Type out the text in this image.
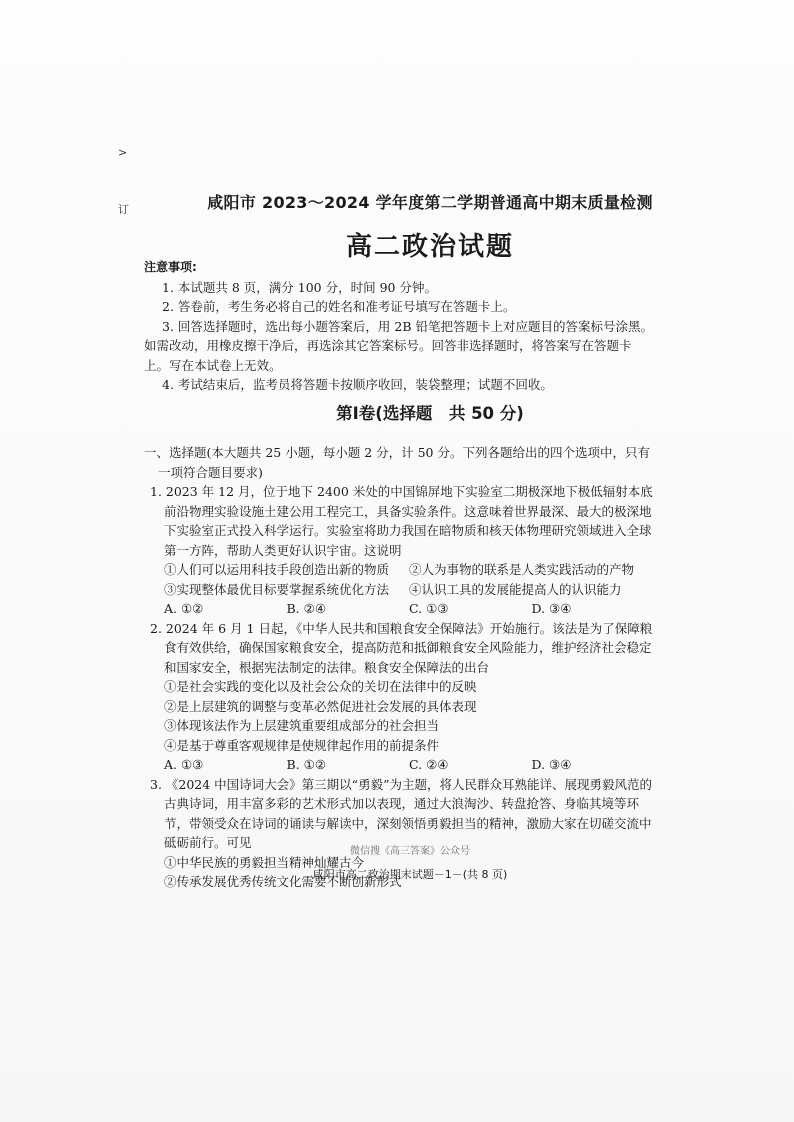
>
订	咸阳市 2023～2024 学年度第二学期普通高中期末质量检测
高二政治试题
注意事项:
1. 本试题共 8 页，满分 100 分，时间 90 分钟。
2. 答卷前，考生务必将自己的姓名和准考证号填写在答题卡上。
3. 回答选择题时，选出每小题答案后，用 2B 铅笔把答题卡上对应题目的答案标号涂黑。如需改动，用橡皮擦干净后，再选涂其它答案标号。回答非选择题时，将答案写在答题卡上。写在本试卷上无效。
4. 考试结束后，监考员将答题卡按顺序收回，装袋整理；试题不回收。
第Ⅰ卷(选择题　共 50 分)
一、选择题(本大题共 25 小题，每小题 2 分，计 50 分。下列各题给出的四个选项中，只有一项符合题目要求)
1. 2023 年 12 月，位于地下 2400 米处的中国锦屏地下实验室二期极深地下极低辐射本底前沿物理实验设施土建公用工程完工，具备实验条件。这意味着世界最深、最大的极深地下实验室正式投入科学运行。实验室将助力我国在暗物质和核天体物理研究领域进入全球第一方阵，帮助人类更好认识宇宙。这说明
①人们可以运用科技手段创造出新的物质	②人为事物的联系是人类实践活动的产物
③实现整体最优目标要掌握系统优化方法	④认识工具的发展能提高人的认识能力
A. ①②	B. ②④	C. ①③	D. ③④
2. 2024 年 6 月 1 日起，《中华人民共和国粮食安全保障法》开始施行。该法是为了保障粮食有效供给，确保国家粮食安全，提高防范和抵御粮食安全风险能力，维护经济社会稳定和国家安全，根据宪法制定的法律。粮食安全保障法的出台
①是社会实践的变化以及社会公众的关切在法律中的反映
②是上层建筑的调整与变革必然促进社会发展的具体表现
③体现该法作为上层建筑重要组成部分的社会担当
④是基于尊重客观规律是使规律起作用的前提条件
A. ①③	B. ①②	C. ②④	D. ③④
3. 《2024 中国诗词大会》第三期以“勇毅”为主题，将人民群众耳熟能详、展现勇毅风范的古典诗词，用丰富多彩的艺术形式加以表现，通过大浪淘沙、转盘抢答、身临其境等环节，带领受众在诗词的诵读与解读中，深刻领悟勇毅担当的精神，激励大家在切磋交流中砥砺前行。可见
①中华民族的勇毅担当精神灿耀古今
②传承发展优秀传统文化需要不断创新形式
微信搜《高三答案》公众号
咸阳市高二政治期末试题－1－(共 8 页)
